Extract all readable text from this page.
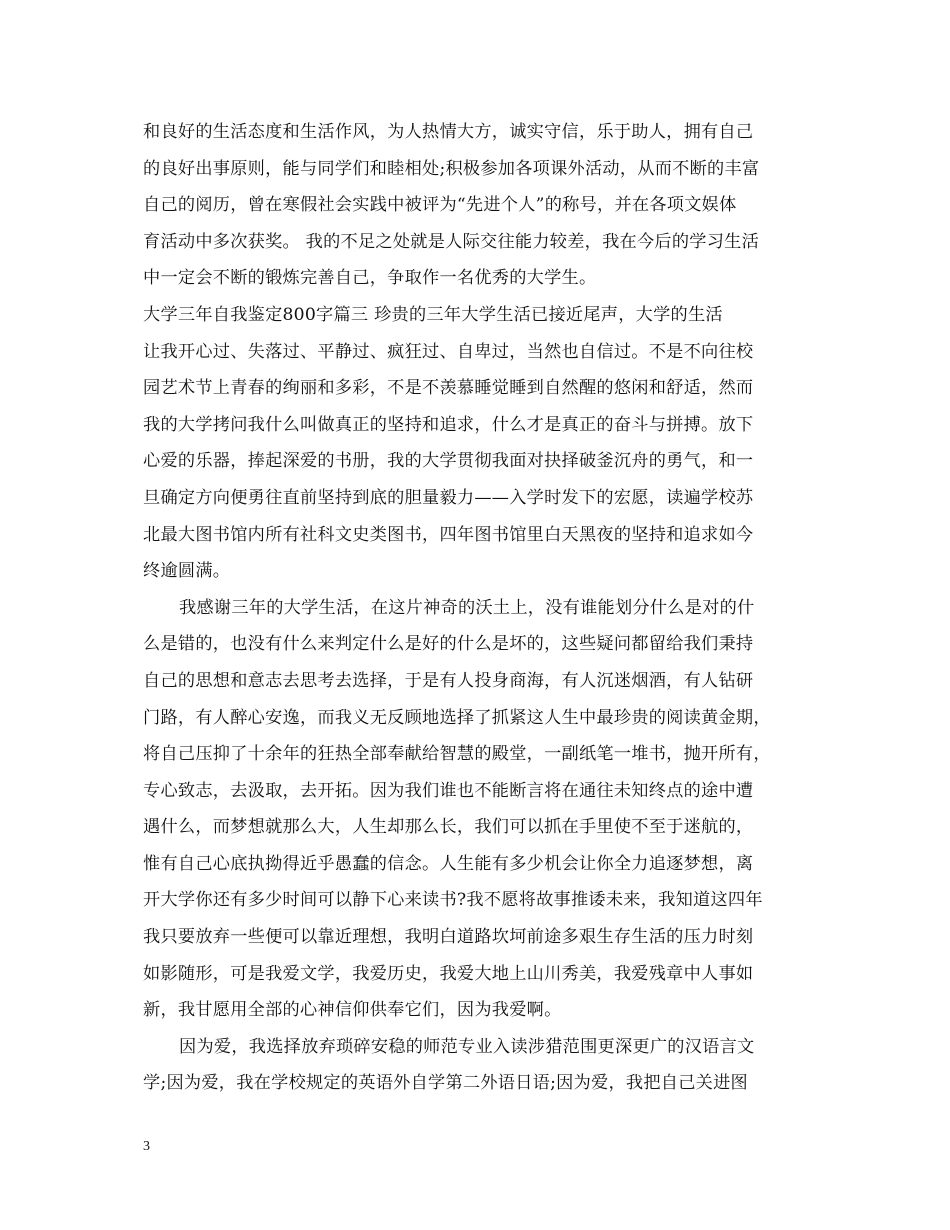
和良好的生活态度和生活作风，为人热情大方，诚实守信，乐于助人，拥有自己
的良好出事原则，能与同学们和睦相处;积极参加各项课外活动，从而不断的丰富
自己的阅历，曾在寒假社会实践中被评为“先进个人”的称号，并在各项文娱体
育活动中多次获奖。 我的不足之处就是人际交往能力较差，我在今后的学习生活
中一定会不断的锻炼完善自己，争取作一名优秀的大学生。
大学三年自我鉴定800字篇三 珍贵的三年大学生活已接近尾声，大学的生活
让我开心过、失落过、平静过、疯狂过、自卑过，当然也自信过。不是不向往校
园艺术节上青春的绚丽和多彩，不是不羡慕睡觉睡到自然醒的悠闲和舒适，然而
我的大学拷问我什么叫做真正的坚持和追求，什么才是真正的奋斗与拼搏。放下
心爱的乐器，捧起深爱的书册，我的大学贯彻我面对抉择破釜沉舟的勇气，和一
旦确定方向便勇往直前坚持到底的胆量毅力——入学时发下的宏愿，读遍学校苏
北最大图书馆内所有社科文史类图书，四年图书馆里白天黑夜的坚持和追求如今
终逾圆满。
我感谢三年的大学生活，在这片神奇的沃土上，没有谁能划分什么是对的什
么是错的，也没有什么来判定什么是好的什么是坏的，这些疑问都留给我们秉持
自己的思想和意志去思考去选择，于是有人投身商海，有人沉迷烟酒，有人钻研
门路，有人醉心安逸，而我义无反顾地选择了抓紧这人生中最珍贵的阅读黄金期，
将自己压抑了十余年的狂热全部奉献给智慧的殿堂，一副纸笔一堆书，抛开所有，
专心致志，去汲取，去开拓。因为我们谁也不能断言将在通往未知终点的途中遭
遇什么，而梦想就那么大，人生却那么长，我们可以抓在手里使不至于迷航的，
惟有自己心底执拗得近乎愚蠢的信念。人生能有多少机会让你全力追逐梦想，离
开大学你还有多少时间可以静下心来读书?我不愿将故事推诿未来，我知道这四年
我只要放弃一些便可以靠近理想，我明白道路坎坷前途多艰生存生活的压力时刻
如影随形，可是我爱文学，我爱历史，我爱大地上山川秀美，我爱残章中人事如
新，我甘愿用全部的心神信仰供奉它们，因为我爱啊。
因为爱，我选择放弃琐碎安稳的师范专业入读涉猎范围更深更广的汉语言文
学;因为爱，我在学校规定的英语外自学第二外语日语;因为爱，我把自己关进图
3
